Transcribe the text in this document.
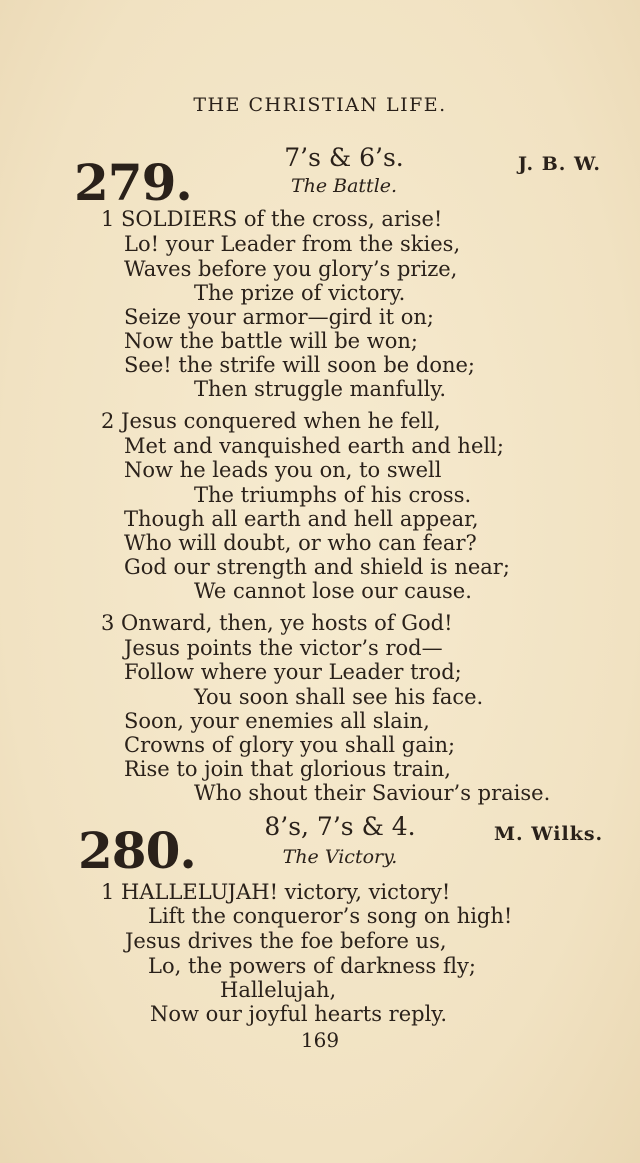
THE CHRISTIAN LIFE.
279.	7’s & 6’s.
The Battle.
J. B. W.
1 SOLDIERS of the cross, arise!
Lo! your Leader from the skies,
Waves before you glory’s prize,
The prize of victory.
Seize your armor—gird it on;
Now the battle will be won;
See! the strife will soon be done;
Then struggle manfully.
2 Jesus conquered when he fell,
Met and vanquished earth and hell;
Now he leads you on, to swell
The triumphs of his cross.
Though all earth and hell appear,
Who will doubt, or who can fear?
God our strength and shield is near;
We cannot lose our cause.
3 Onward, then, ye hosts of God!
Jesus points the victor’s rod—
Follow where your Leader trod;
You soon shall see his face.
Soon, your enemies all slain,
Crowns of glory you shall gain;
Rise to join that glorious train,
Who shout their Saviour’s praise.
280.	8’s, 7’s & 4.
The Victory.
M. Wilks.
1 HALLELUJAH! victory, victory!
Lift the conqueror’s song on high!
Jesus drives the foe before us,
Lo, the powers of darkness fly;
Hallelujah,
Now our joyful hearts reply.
169
